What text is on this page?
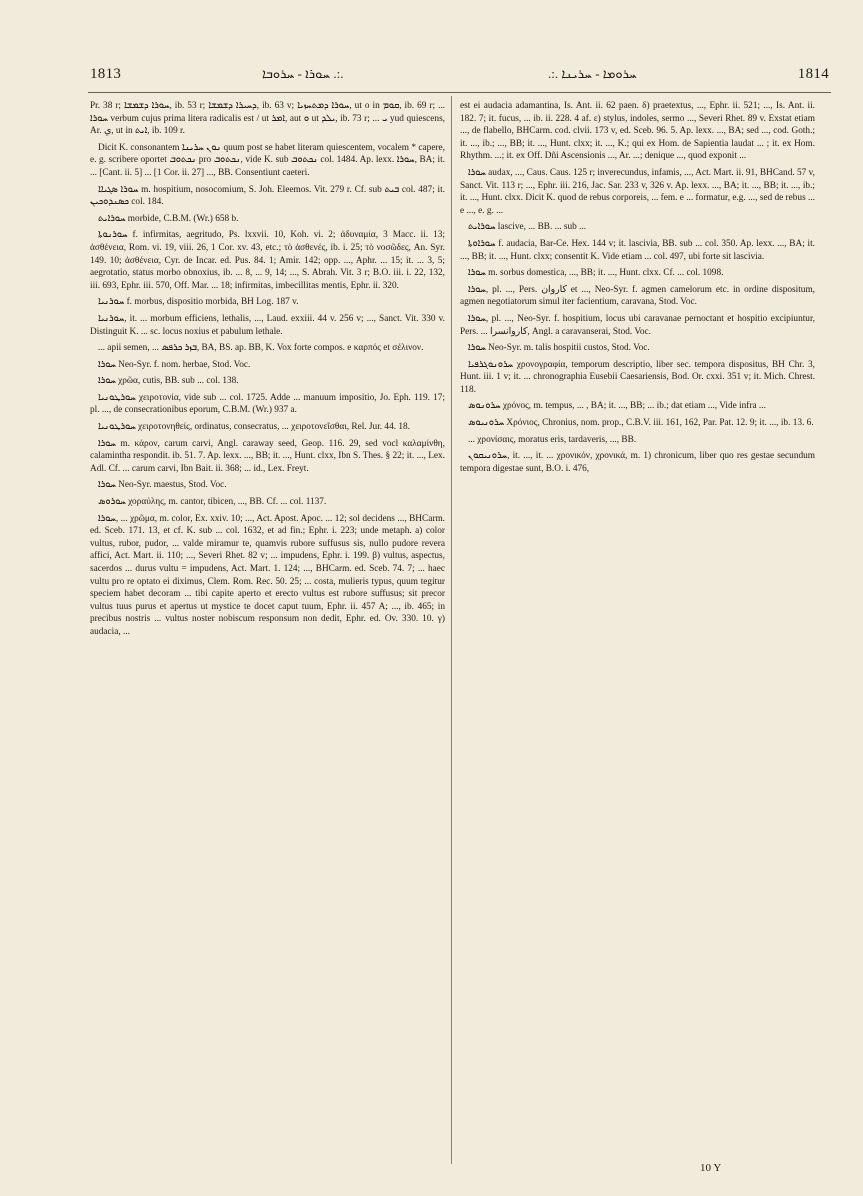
1813	ܚܘܪܐ - ܚܪܘܒܐ .:.	.:. ܚܪܘܡܐ - ܚܪܝܢܐ	1814

Pr. 38 r; ܚܘܪܐ ܕܫܡܫܐ, ib. 53 r; ܕܚܝܪܐ ܕܫܡܫܐ, ib. 63 v; ܚܘܪܐ ܕܡܬܚܙܝܐ, ut o in ܩܘܡ, ib. 69 r; ... ܚܘܪܐ verbum cujus prima litera radicalis est / ut ܐܡܪ, aut ܘ ut ܝܠܕ, ib. 73 r; ... ܝ yud quiescens, Ar. ي, ut in ܐܝܬ, ib. 109 r.

Dicit K. consonantem ܢܘܢ ܚܪܝܢܐ quum post se habet literam quiescentem, vocalem * capere, e. g. scribere oportet ܢܟܬܘܒ pro ܢܟܬܘܒ, vide K. sub ܢܟܬܘܒ col. 1484. Ap. lexx. ܚܘܪܐ, BA; it. ... [Cant. ii. 5] ... [1 Cor. ii. 27] ..., BB. Consentiunt caeteri.

ܚܘܪܐ ܣܓܝܐܐ m. hospitium, nosocomium, S. Joh. Eleemos. Vit. 279 r. Cf. sub ܒܝܬ col. 487; it. ܟܣܢܕܘܟܝܢ col. 184.

ܚܘܪܐܝܬ morbide, C.B.M. (Wr.) 658 b.

ܚܘܪܢܘܬܐ f. infirmitas, aegritudo, Ps. lxxvii. 10, Koh. vi. 2; ἀδυναμία, 3 Macc. ii. 13; ἀσθένεια, Rom. vi. 19, viii. 26, 1 Cor. xv. 43, etc.; τὸ ἀσθενές, ib. i. 25; τὸ νοσῶδες, An. Syr. 149. 10; ἀσθένεια, Cyr. de Incar. ed. Pus. 84. 1; Amir. 142; opp. ..., Aphr. ... 15; it. ... 3, 5; aegrotatio, status morbo obnoxius, ib. ... 8, ... 9, 14; ..., S. Abrah. Vit. 3 r; B.O. iii. i. 22, 132, iii. 693, Ephr. iii. 570, Off. Mar. ... 18; infirmitas, imbecillitas mentis, Ephr. ii. 320.

ܚܘܪܢܝܐ f. morbus, dispositio morbida, BH Log. 187 v.

ܚܘܪܢܝܐ, it. ... morbum efficiens, lethalis, ..., Laud. exxiii. 44 v. 256 v; ..., Sanct. Vit. 330 v. Distinguit K. ... sc. locus noxius et pabulum lethale.

... apii semen, ... ܒܙܪ ܟܪܦܣ, BA, BS. ap. BB, K. Vox forte compos. e καρπός et σέλινον.

ܚܘܪܐ Neo-Syr. f. nom. herbae, Stod. Voc.

ܚܘܪܐ χρῶα, cutis, BB. sub ... col. 138.

ܚܘܪܛܘܢܝܐ χειροτονία, vide sub ... col. 1725. Adde ... manuum impositio, Jo. Eph. 119. 17; pl. ..., de consecrationibus eporum, C.B.M. (Wr.) 937 a.

ܚܘܪܛܘܢܝܐ χειροτονηθείς, ordinatus, consecratus, ... χειροτονεῖσθαι, Rel. Jur. 44. 18.

ܚܘܪܐ m. κάρον, carum carvi, Angl. caraway seed, Geop. 116. 29, sed vocl καλαμίνθη, calamintha respondit. ib. 51. 7. Ap. lexx. ..., BB; it. ..., Hunt. clxx, Ibn S. Thes. § 22; it. ..., Lex. Adl. Cf. ... carum carvi, Ibn Bait. ii. 368; ... id., Lex. Freyt.

ܚܘܪܐ Neo-Syr. maestus, Stod. Voc.

ܚܘܪܘܣ χοραύλης, m. cantor, tibicen, ..., BB. Cf. ... col. 1137.

ܚܘܪܐ, ... χρῶμα, m. color, Ex. xxiv. 10; ..., Act. Apost. Apoc. ... 12; sol decidens ..., BHCarm. ed. Sceb. 171. 13, et cf. K. sub ... col. 1632, et ad fin.; Ephr. i. 223; unde metaph. a) color vultus, rubor, pudor, ... valde miramur te, quamvis rubore suffusus sis, nullo pudore revera affici, Act. Mart. ii. 110; ..., Severi Rhet. 82 v; ... impudens, Ephr. i. 199. β) vultus, aspectus, sacerdos ... durus vultu = impudens, Act. Mart. 1. 124; ..., BHCarm. ed. Sceb. 74. 7; ... haec vultu pro re optato ei diximus, Clem. Rom. Rec. 50. 25; ... costa, mulieris typus, quum tegitur speciem habet decoram ... tibi capite aperto et erecto vultus est rubore suffusus; sit precor vultus tuus purus et apertus ut mystice te docet caput tuum, Ephr. ii. 457 A; ..., ib. 465; in precibus nostris ... vultus noster nobiscum responsum non dedit, Ephr. ed. Ov. 330. 10. γ) audacia, ...

est ei audacia adamantina, Is. Ant. ii. 62 paen. δ) praetextus, ..., Ephr. ii. 521; ..., Is. Ant. ii. 182. 7; it. fucus, ... ib. ii. 228. 4 af. ε) stylus, indoles, sermo ..., Severi Rhet. 89 v. Exstat etiam ..., de flabello, BHCarm. cod. clvii. 173 v, ed. Sceb. 96. 5. Ap. lexx. ..., BA; sed ..., cod. Goth.; it. ..., ib.; ..., BB; it. ..., Hunt. clxx; it. ..., K.; qui ex Hom. de Sapientia laudat ... ; it. ex Hom. Rhythm. ...; it. ex Off. Dñi Ascensionis ..., Ar. ...; denique ..., quod exponit ...

ܚܘܪܐ audax, ..., Caus. Caus. 125 r; inverecundus, infamis, ..., Act. Mart. ii. 91, BHCand. 57 v, Sanct. Vit. 113 r; ..., Ephr. iii. 216, Jac. Sar. 233 v, 326 v. Ap. lexx. ..., BA; it. ..., BB; it. ..., ib.; it. ..., Hunt. clxx. Dicit K. quod de rebus corporeis, ... fem. e ... formatur, e.g. ..., sed de rebus ... e ..., e. g. ...

ܚܘܪܐܝܬ lascive, ... BB. ... sub ...

ܚܘܪܐܘܬܐ f. audacia, Bar-Ce. Hex. 144 v; it. lascivia, BB. sub ... col. 350. Ap. lexx. ..., BA; it. ..., BB; it. ..., Hunt. clxx; consentit K. Vide etiam ... col. 497, ubi forte sit lascivia.

ܚܘܪܐ m. sorbus domestica, ..., BB; it. ..., Hunt. clxx. Cf. ... col. 1098.

ܚܘܪܐ, pl. ..., Pers. كاروان et ..., Neo-Syr. f. agmen camelorum etc. in ordine dispositum, agmen negotiatorum simul iter facientium, caravana, Stod. Voc.

ܚܘܪܐ, pl. ..., Neo-Syr. f. hospitium, locus ubi caravanae pernoctant et hospitio excipiuntur, Pers. ... كاروانسرا, Angl. a caravanserai, Stod. Voc.

ܚܘܪܐ Neo-Syr. m. talis hospitii custos, Stod. Voc.

ܚܪܘܢܘܓܪܦܝܐ χρονογραφία, temporum descriptio, liber sec. tempora dispositus, BH Chr. 3, Hunt. iii. 1 v; it. ... chronographia Eusebii Caesariensis, Bod. Or. cxxi. 351 v; it. Mich. Chrest. 118.

ܚܪܘܢܘܣ χρόνος, m. tempus, ... , BA; it. ..., BB; ... ib.; dat etiam ..., Vide infra ...

ܚܪܘܢܝܘܣ Χρόνιος, Chronius, nom. prop., C.B.V. iii. 161, 162, Par. Pat. 12. 9; it. ..., ib. 13. 6.

... χρονίσαις, moratus eris, tardaveris, ..., BB.

ܚܪܘܢܝܩܘܢ, it. ..., it. ... χρονικόν, χρονικά, m. 1) chronicum, liber quo res gestae secundum tempora digestae sunt, B.O. i. 476,

10 Y
